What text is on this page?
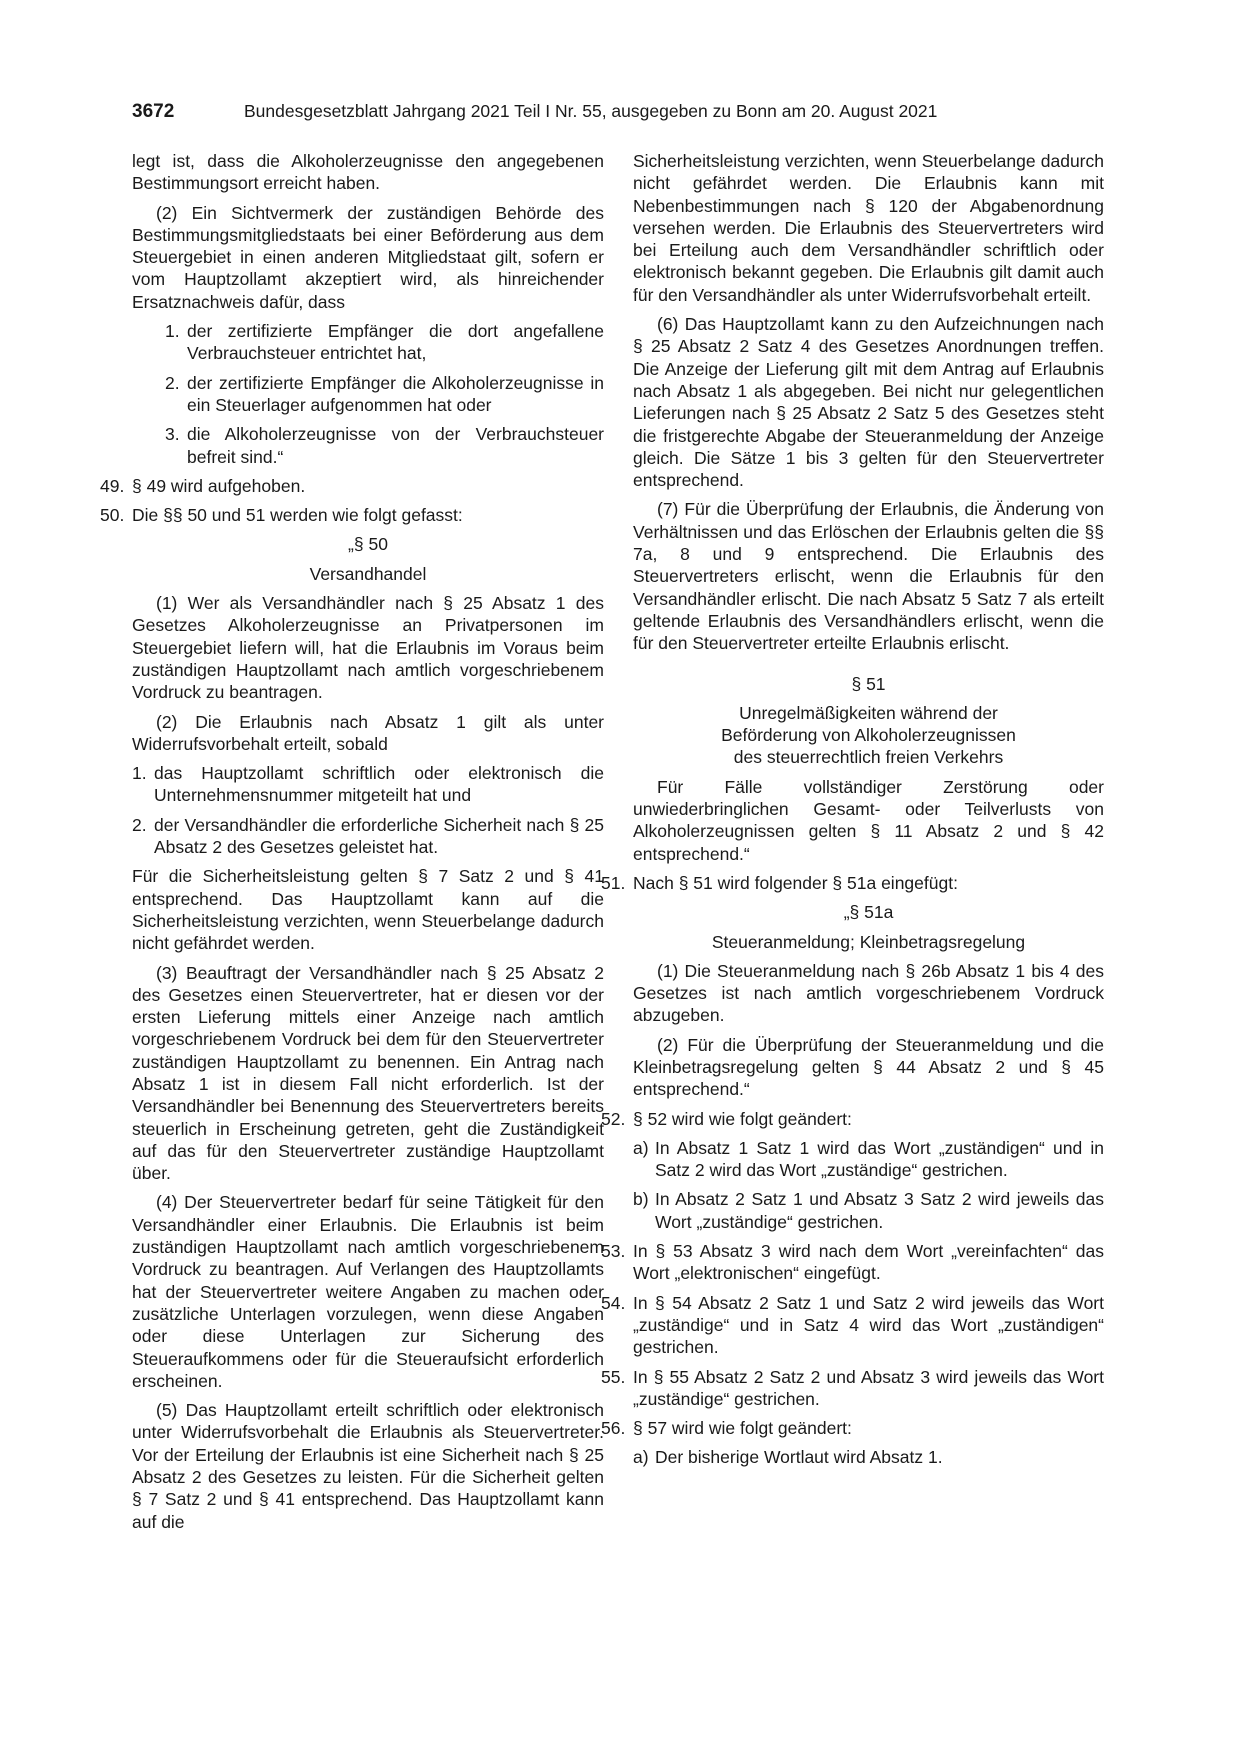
3672	Bundesgesetzblatt Jahrgang 2021 Teil I Nr. 55, ausgegeben zu Bonn am 20. August 2021

legt ist, dass die Alkoholerzeugnisse den angegebenen Bestimmungsort erreicht haben.

(2) Ein Sichtvermerk der zuständigen Behörde des Bestimmungsmitgliedstaats bei einer Beförderung aus dem Steuergebiet in einen anderen Mitgliedstaat gilt, sofern er vom Hauptzollamt akzeptiert wird, als hinreichender Ersatznachweis dafür, dass

1. der zertifizierte Empfänger die dort angefallene Verbrauchsteuer entrichtet hat,
2. der zertifizierte Empfänger die Alkoholerzeugnisse in ein Steuerlager aufgenommen hat oder
3. die Alkoholerzeugnisse von der Verbrauchsteuer befreit sind.“
49. § 49 wird aufgehoben.
50. Die §§ 50 und 51 werden wie folgt gefasst:

„§ 50

Versandhandel

(1) Wer als Versandhändler nach § 25 Absatz 1 des Gesetzes Alkoholerzeugnisse an Privatpersonen im Steuergebiet liefern will, hat die Erlaubnis im Voraus beim zuständigen Hauptzollamt nach amtlich vorgeschriebenem Vordruck zu beantragen.

(2) Die Erlaubnis nach Absatz 1 gilt als unter Widerrufsvorbehalt erteilt, sobald

1. das Hauptzollamt schriftlich oder elektronisch die Unternehmensnummer mitgeteilt hat und
2. der Versandhändler die erforderliche Sicherheit nach § 25 Absatz 2 des Gesetzes geleistet hat.

Für die Sicherheitsleistung gelten § 7 Satz 2 und § 41 entsprechend. Das Hauptzollamt kann auf die Sicherheitsleistung verzichten, wenn Steuerbelange dadurch nicht gefährdet werden.

(3) Beauftragt der Versandhändler nach § 25 Absatz 2 des Gesetzes einen Steuervertreter, hat er diesen vor der ersten Lieferung mittels einer Anzeige nach amtlich vorgeschriebenem Vordruck bei dem für den Steuervertreter zuständigen Hauptzollamt zu benennen. Ein Antrag nach Absatz 1 ist in diesem Fall nicht erforderlich. Ist der Versandhändler bei Benennung des Steuervertreters bereits steuerlich in Erscheinung getreten, geht die Zuständigkeit auf das für den Steuervertreter zuständige Hauptzollamt über.

(4) Der Steuervertreter bedarf für seine Tätigkeit für den Versandhändler einer Erlaubnis. Die Erlaubnis ist beim zuständigen Hauptzollamt nach amtlich vorgeschriebenem Vordruck zu beantragen. Auf Verlangen des Hauptzollamts hat der Steuervertreter weitere Angaben zu machen oder zusätzliche Unterlagen vorzulegen, wenn diese Angaben oder diese Unterlagen zur Sicherung des Steueraufkommens oder für die Steueraufsicht erforderlich erscheinen.

(5) Das Hauptzollamt erteilt schriftlich oder elektronisch unter Widerrufsvorbehalt die Erlaubnis als Steuervertreter. Vor der Erteilung der Erlaubnis ist eine Sicherheit nach § 25 Absatz 2 des Gesetzes zu leisten. Für die Sicherheit gelten § 7 Satz 2 und § 41 entsprechend. Das Hauptzollamt kann auf die

Sicherheitsleistung verzichten, wenn Steuerbelange dadurch nicht gefährdet werden. Die Erlaubnis kann mit Nebenbestimmungen nach § 120 der Abgabenordnung versehen werden. Die Erlaubnis des Steuervertreters wird bei Erteilung auch dem Versandhändler schriftlich oder elektronisch bekannt gegeben. Die Erlaubnis gilt damit auch für den Versandhändler als unter Widerrufsvorbehalt erteilt.

(6) Das Hauptzollamt kann zu den Aufzeichnungen nach § 25 Absatz 2 Satz 4 des Gesetzes Anordnungen treffen. Die Anzeige der Lieferung gilt mit dem Antrag auf Erlaubnis nach Absatz 1 als abgegeben. Bei nicht nur gelegentlichen Lieferungen nach § 25 Absatz 2 Satz 5 des Gesetzes steht die fristgerechte Abgabe der Steueranmeldung der Anzeige gleich. Die Sätze 1 bis 3 gelten für den Steuervertreter entsprechend.

(7) Für die Überprüfung der Erlaubnis, die Änderung von Verhältnissen und das Erlöschen der Erlaubnis gelten die §§ 7a, 8 und 9 entsprechend. Die Erlaubnis des Steuervertreters erlischt, wenn die Erlaubnis für den Versandhändler erlischt. Die nach Absatz 5 Satz 7 als erteilt geltende Erlaubnis des Versandhändlers erlischt, wenn die für den Steuervertreter erteilte Erlaubnis erlischt.

§ 51

Unregelmäßigkeiten während der
Beförderung von Alkoholerzeugnissen
des steuerrechtlich freien Verkehrs

Für Fälle vollständiger Zerstörung oder unwiederbringlichen Gesamt- oder Teilverlusts von Alkoholerzeugnissen gelten § 11 Absatz 2 und § 42 entsprechend.“

51. Nach § 51 wird folgender § 51a eingefügt:

„§ 51a

Steueranmeldung; Kleinbetragsregelung

(1) Die Steueranmeldung nach § 26b Absatz 1 bis 4 des Gesetzes ist nach amtlich vorgeschriebenem Vordruck abzugeben.

(2) Für die Überprüfung der Steueranmeldung und die Kleinbetragsregelung gelten § 44 Absatz 2 und § 45 entsprechend.“

52. § 52 wird wie folgt geändert:
a) In Absatz 1 Satz 1 wird das Wort „zuständigen“ und in Satz 2 wird das Wort „zuständige“ gestrichen.
b) In Absatz 2 Satz 1 und Absatz 3 Satz 2 wird jeweils das Wort „zuständige“ gestrichen.
53. In § 53 Absatz 3 wird nach dem Wort „vereinfachten“ das Wort „elektronischen“ eingefügt.
54. In § 54 Absatz 2 Satz 1 und Satz 2 wird jeweils das Wort „zuständige“ und in Satz 4 wird das Wort „zuständigen“ gestrichen.
55. In § 55 Absatz 2 Satz 2 und Absatz 3 wird jeweils das Wort „zuständige“ gestrichen.
56. § 57 wird wie folgt geändert:
a) Der bisherige Wortlaut wird Absatz 1.
